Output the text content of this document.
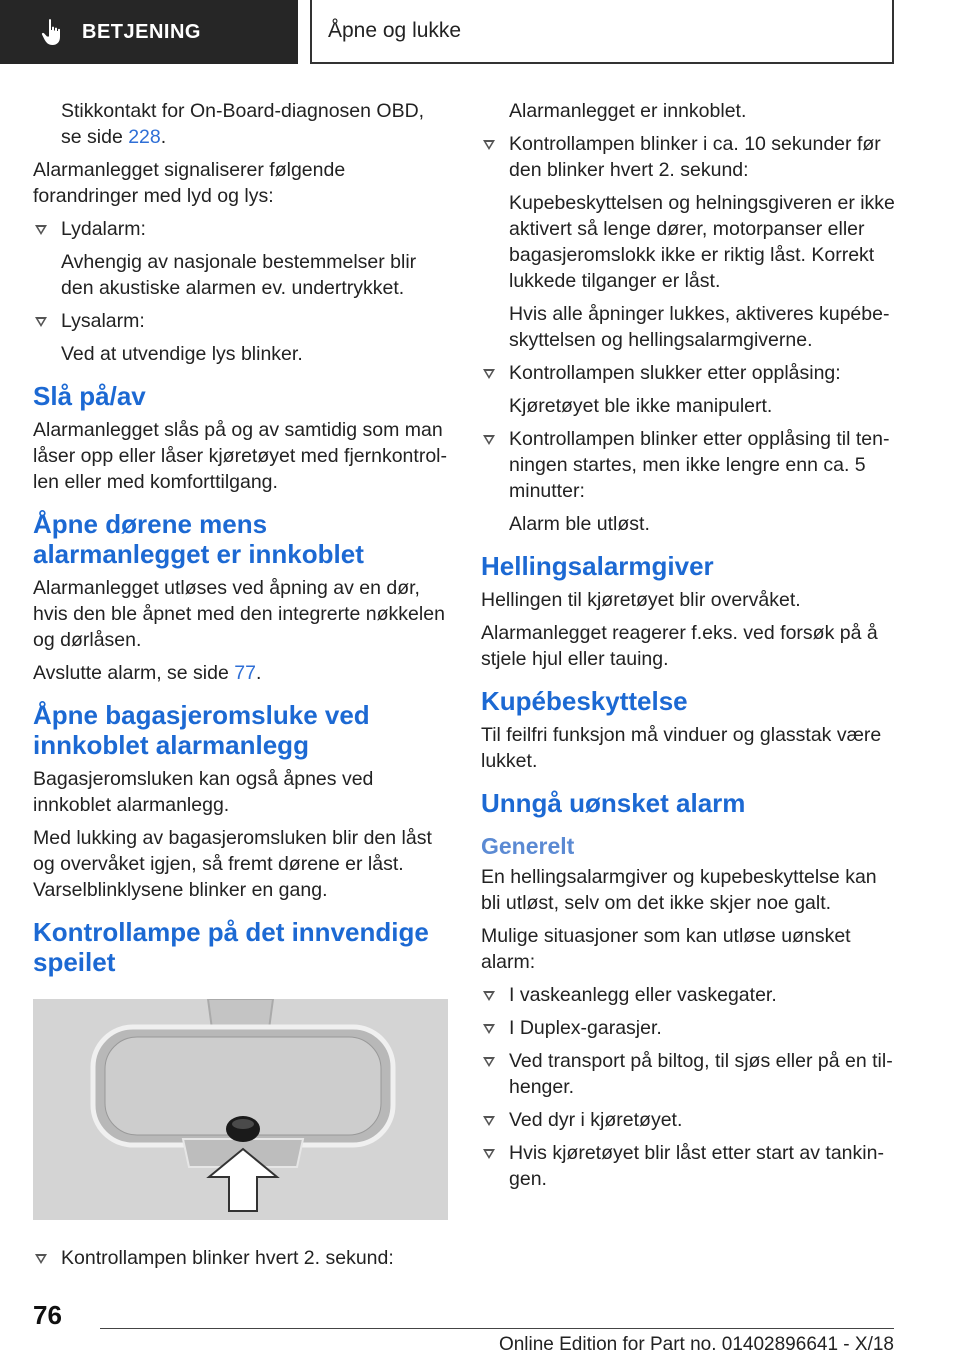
BETJENING	Åpne og lukke

Stikkontakt for On-Board-diagnosen OBD, se side 228.

Alarmanlegget signaliserer følgende forandringer med lyd og lys:

Lydalarm:

Avhengig av nasjonale bestemmelser blir den akustiske alarmen ev. undertrykket.

Lysalarm:

Ved at utvendige lys blinker.

Slå på/av

Alarmanlegget slås på og av samtidig som man låser opp eller låser kjøretøyet med fjernkontrollen eller med komforttilgang.

Åpne dørene mens alarmanlegget er innkoblet

Alarmanlegget utløses ved åpning av en dør, hvis den ble åpnet med den integrerte nøkkelen og dørlåsen.

Avslutte alarm, se side 77.

Åpne bagasjeromsluke ved innkoblet alarmanlegg

Bagasjeromsluken kan også åpnes ved innkoblet alarmanlegg.

Med lukking av bagasjeromsluken blir den låst og overvåket igjen, så fremt dørene er låst. Varselblinklysene blinker en gang.

Kontrollampe på det innvendige speilet
Kontrollampen blinker hvert 2. sekund:

Alarmanlegget er innkoblet.

Kontrollampen blinker i ca. 10 sekunder før den blinker hvert 2. sekund:

Kupebeskyttelsen og helningsgiveren er ikke aktivert så lenge dører, motorpanser eller bagasjeromslokk ikke er riktig låst. Korrekt lukkede tilganger er låst.

Hvis alle åpninger lukkes, aktiveres kupébeskyttelsen og hellingsalarmgiverne.

Kontrollampen slukker etter opplåsing:

Kjøretøyet ble ikke manipulert.

Kontrollampen blinker etter opplåsing til tenningen startes, men ikke lengre enn ca. 5 minutter:

Alarm ble utløst.

Hellingsalarmgiver

Hellingen til kjøretøyet blir overvåket.

Alarmanlegget reagerer f.eks. ved forsøk på å stjele hjul eller tauing.

Kupébeskyttelse

Til feilfri funksjon må vinduer og glasstak være lukket.

Unngå uønsket alarm
Generelt

En hellingsalarmgiver og kupebeskyttelse kan bli utløst, selv om det ikke skjer noe galt.

Mulige situasjoner som kan utløse uønsket alarm:

I vaskeanlegg eller vaskegater.
I Duplex-garasjer.
Ved transport på biltog, til sjøs eller på en tilhenger.
Ved dyr i kjøretøyet.
Hvis kjøretøyet blir låst etter start av tankingen.
76
Online Edition for Part no. 01402896641 - X/18
